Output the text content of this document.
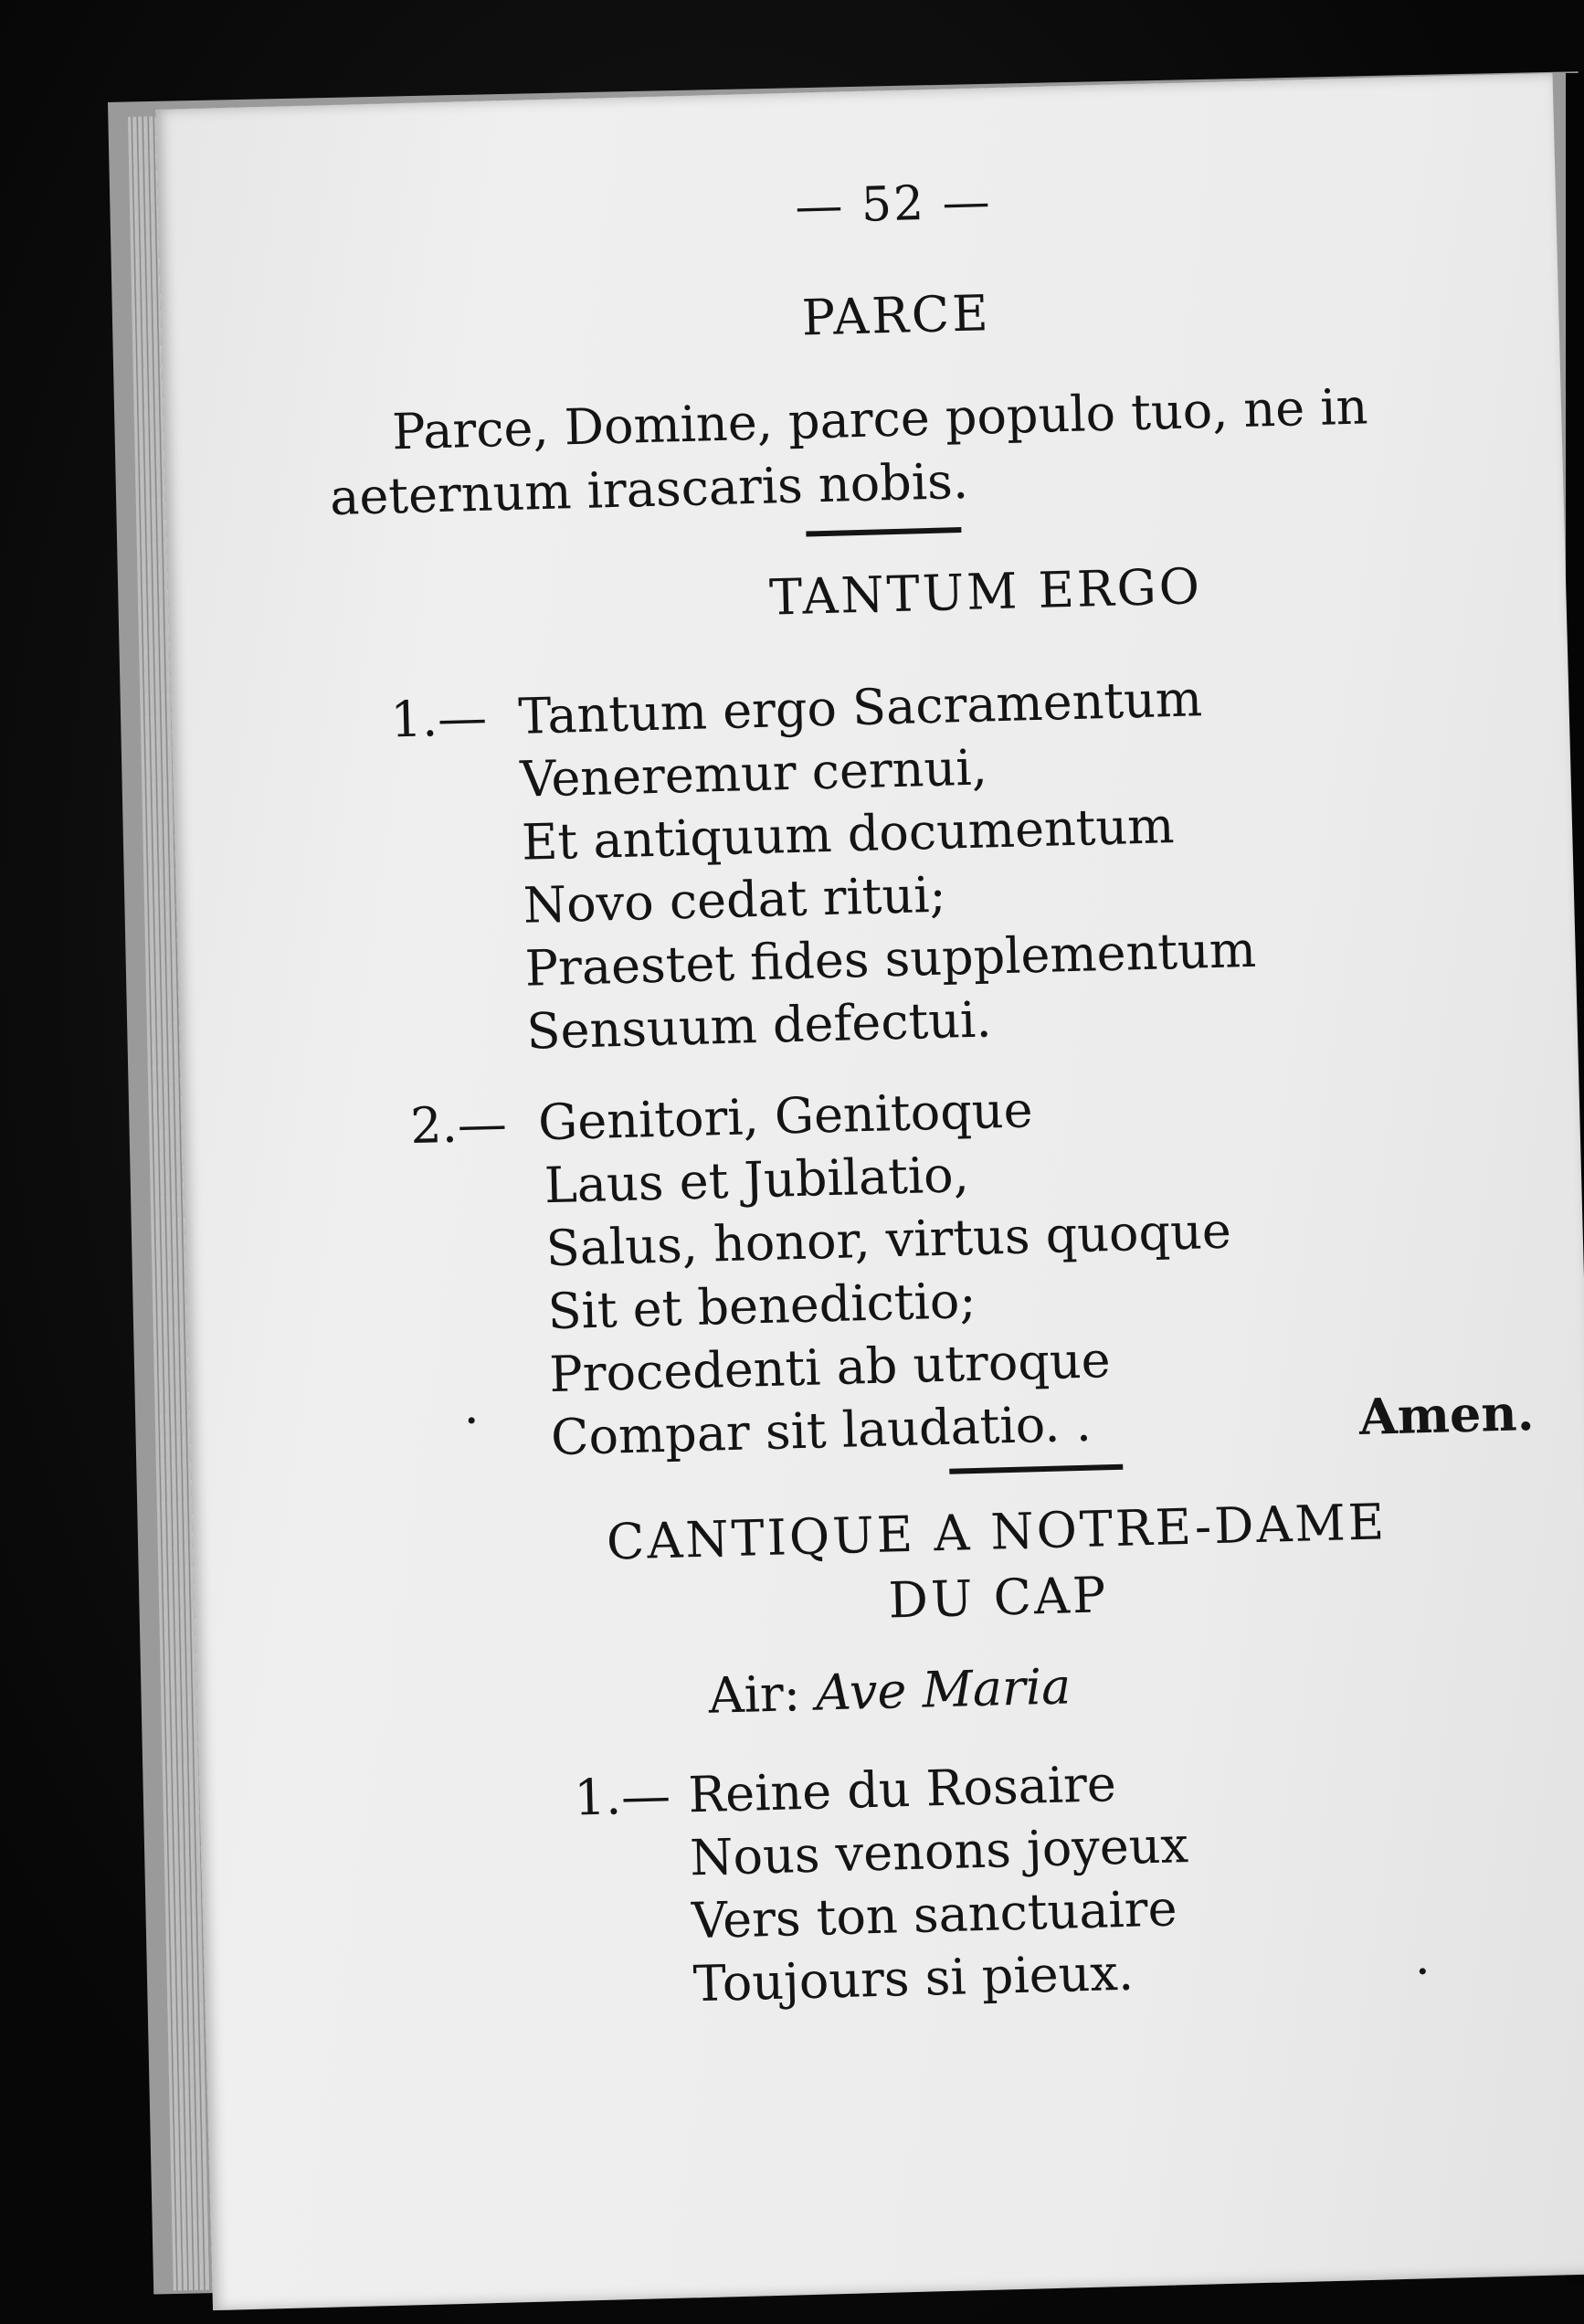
— 52 —
PARCE
Parce, Domine, parce populo tuo, ne in
aeternum irascaris nobis.
TANTUM ERGO
1.— Tantum ergo Sacramentum
Veneremur cernui,
Et antiquum documentum
Novo cedat ritui;
Praestet fides supplementum
Sensuum defectui.
2.— Genitori, Genitoque
Laus et Jubilatio,
Salus, honor, virtus quoque
Sit et benedictio;
Procedenti ab utroque
Compar sit laudatio. .	Amen.
CANTIQUE A NOTRE-DAME
DU CAP
Air: Ave Maria
1.— Reine du Rosaire
Nous venons joyeux
Vers ton sanctuaire
Toujours si pieux.
